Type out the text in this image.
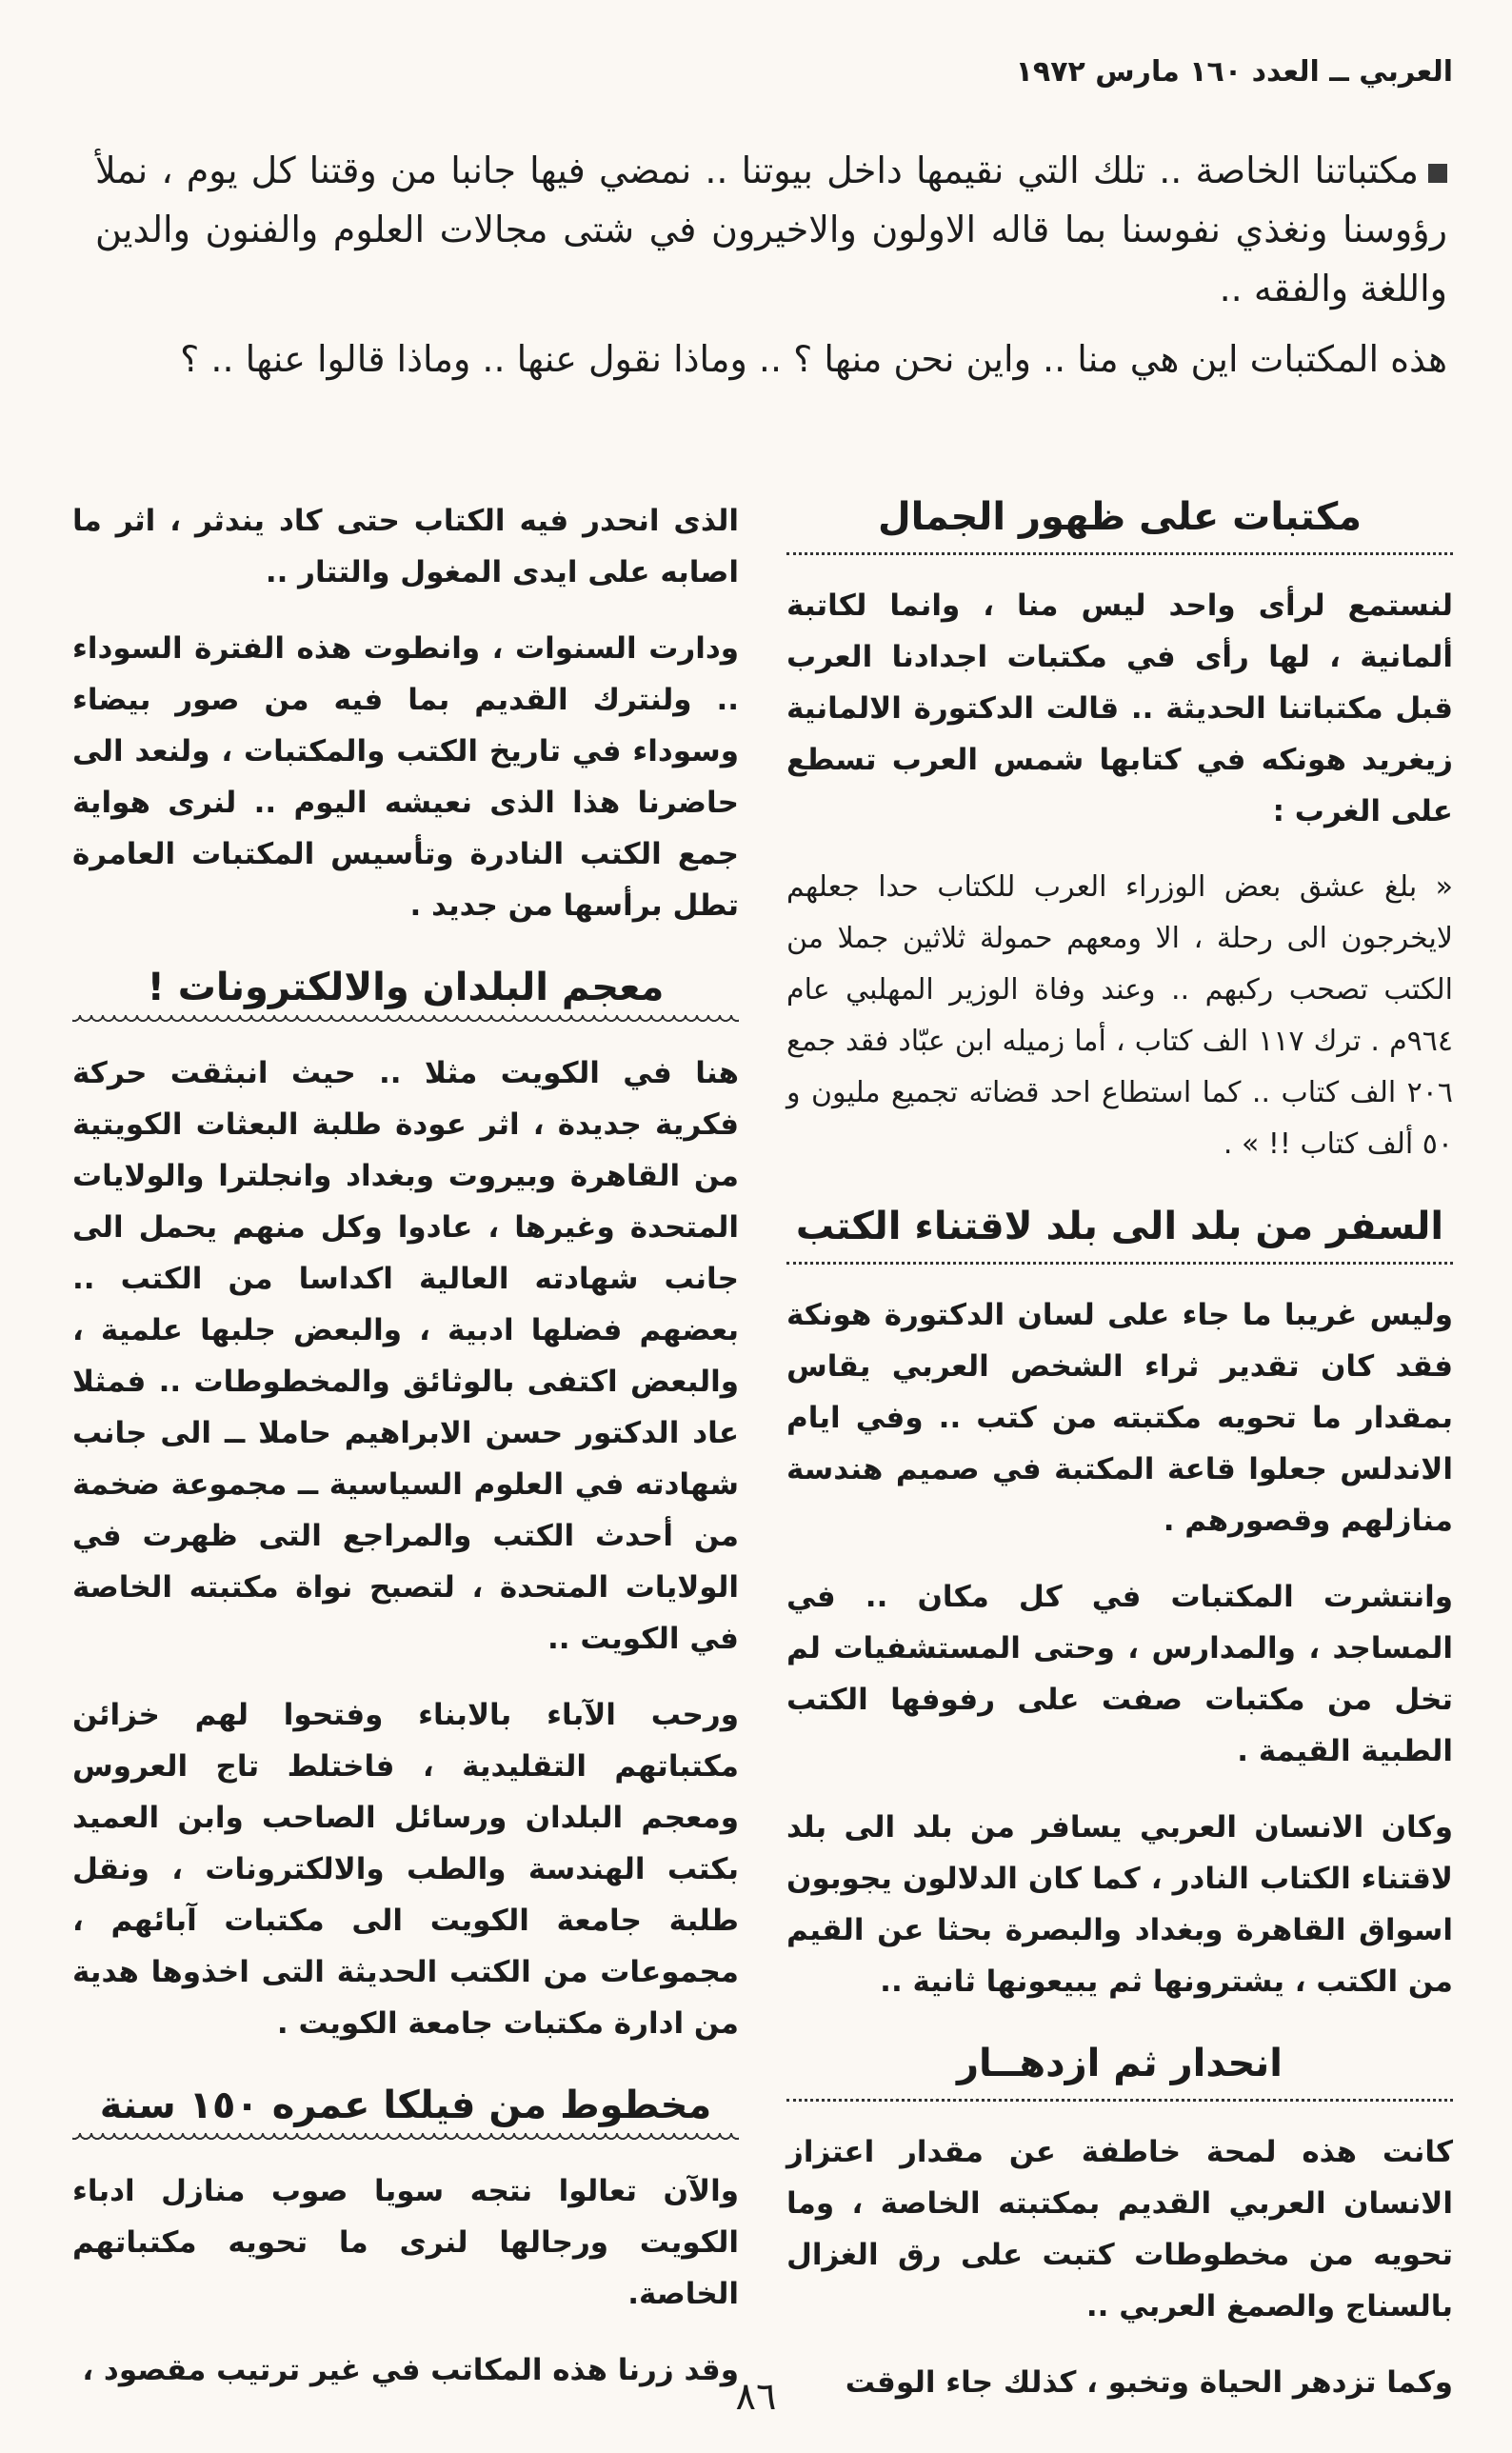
العربي ــ العدد ١٦٠ مارس ١٩٧٢

مكتباتنا الخاصة .. تلك التي نقيمها داخل بيوتنا .. نمضي فيها جانبا من وقتنا كل يوم ، نملأ رؤوسنا ونغذي نفوسنا بما قاله الاولون والاخيرون في شتى مجالات العلوم والفنون والدين واللغة والفقه ..

هذه المكتبات اين هي منا .. واين نحن منها ؟ .. وماذا نقول عنها .. وماذا قالوا عنها .. ؟

مكتبات على ظهور الجمال

لنستمع لرأى واحد ليس منا ، وانما لكاتبة ألمانية ، لها رأى في مكتبات اجدادنا العرب قبل مكتباتنا الحديثة .. قالت الدكتورة الالمانية زيغريد هونكه في كتابها شمس العرب تسطع على الغرب :

« بلغ عشق بعض الوزراء العرب للكتاب حدا جعلهم لايخرجون الى رحلة ، الا ومعهم حمولة ثلاثين جملا من الكتب تصحب ركبهم .. وعند وفاة الوزير المهلبي عام ٩٦٤م . ترك ١١٧ الف كتاب ، أما زميله ابن عبّاد فقد جمع ٢٠٦ الف كتاب .. كما استطاع احد قضاته تجميع مليون و ٥٠ ألف كتاب !! » .

السفر من بلد الى بلد لاقتناء الكتب

وليس غريبا ما جاء على لسان الدكتورة هونكة فقد كان تقدير ثراء الشخص العربي يقاس بمقدار ما تحويه مكتبته من كتب .. وفي ايام الاندلس جعلوا قاعة المكتبة في صميم هندسة منازلهم وقصورهم .

وانتشرت المكتبات في كل مكان .. في المساجد ، والمدارس ، وحتى المستشفيات لم تخل من مكتبات صفت على رفوفها الكتب الطبية القيمة .

وكان الانسان العربي يسافر من بلد الى بلد لاقتناء الكتاب النادر ، كما كان الدلالون يجوبون اسواق القاهرة وبغداد والبصرة بحثا عن القيم من الكتب ، يشترونها ثم يبيعونها ثانية ..

انحدار ثم ازدهــار

كانت هذه لمحة خاطفة عن مقدار اعتزاز الانسان العربي القديم بمكتبته الخاصة ، وما تحويه من مخطوطات كتبت على رق الغزال بالسناج والصمغ العربي ..

وكما تزدهر الحياة وتخبو ، كذلك جاء الوقت

الذى انحدر فيه الكتاب حتى كاد يندثر ، اثر ما اصابه على ايدى المغول والتتار ..

ودارت السنوات ، وانطوت هذه الفترة السوداء .. ولنترك القديم بما فيه من صور بيضاء وسوداء في تاريخ الكتب والمكتبات ، ولنعد الى حاضرنا هذا الذى نعيشه اليوم .. لنرى هواية جمع الكتب النادرة وتأسيس المكتبات العامرة تطل برأسها من جديد .

معجم البلدان والالكترونات !

هنا في الكويت مثلا .. حيث انبثقت حركة فكرية جديدة ، اثر عودة طلبة البعثات الكويتية من القاهرة وبيروت وبغداد وانجلترا والولايات المتحدة وغيرها ، عادوا وكل منهم يحمل الى جانب شهادته العالية اكداسا من الكتب .. بعضهم فضلها ادبية ، والبعض جلبها علمية ، والبعض اكتفى بالوثائق والمخطوطات .. فمثلا عاد الدكتور حسن الابراهيم حاملا ــ الى جانب شهادته في العلوم السياسية ــ مجموعة ضخمة من أحدث الكتب والمراجع التى ظهرت في الولايات المتحدة ، لتصبح نواة مكتبته الخاصة في الكويت ..

ورحب الآباء بالابناء وفتحوا لهم خزائن مكتباتهم التقليدية ، فاختلط تاج العروس ومعجم البلدان ورسائل الصاحب وابن العميد بكتب الهندسة والطب والالكترونات ، ونقل طلبة جامعة الكويت الى مكتبات آبائهم ، مجموعات من الكتب الحديثة التى اخذوها هدية من ادارة مكتبات جامعة الكويت .

مخطوط من فيلكا عمره ١٥٠ سنة

والآن تعالوا نتجه سويا صوب منازل ادباء الكويت ورجالها لنرى ما تحويه مكتباتهم الخاصة.

وقد زرنا هذه المكاتب في غير ترتيب مقصود ،

٨٦
